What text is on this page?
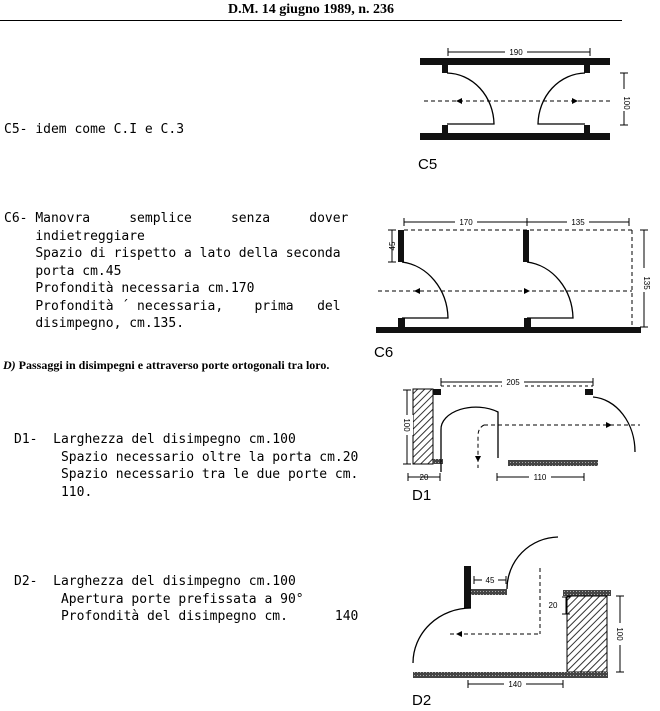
D.M. 14 giugno 1989, n. 236
C5- idem come C.I e C.3
C6- Manovra     semplice     senza     dover
indietreggiare
Spazio di rispetto a lato della seconda
porta cm.45
Profondità necessaria cm.170
Profondità ´ necessaria,    prima   del
disimpegno, cm.135.
D) Passaggi in disimpegni e attraverso porte ortogonali tra loro.
D1- Larghezza del disimpegno cm.100
Spazio necessario oltre la porta cm.20
Spazio necessario tra le due porte cm.
110.
D2- Larghezza del disimpegno cm.100
Apertura porte prefissata a 90°
Profondità del disimpegno cm.      140
190
100
C5
170	135
45
135
C6
205
100
20	110
D1
45
20
100
140
D2
